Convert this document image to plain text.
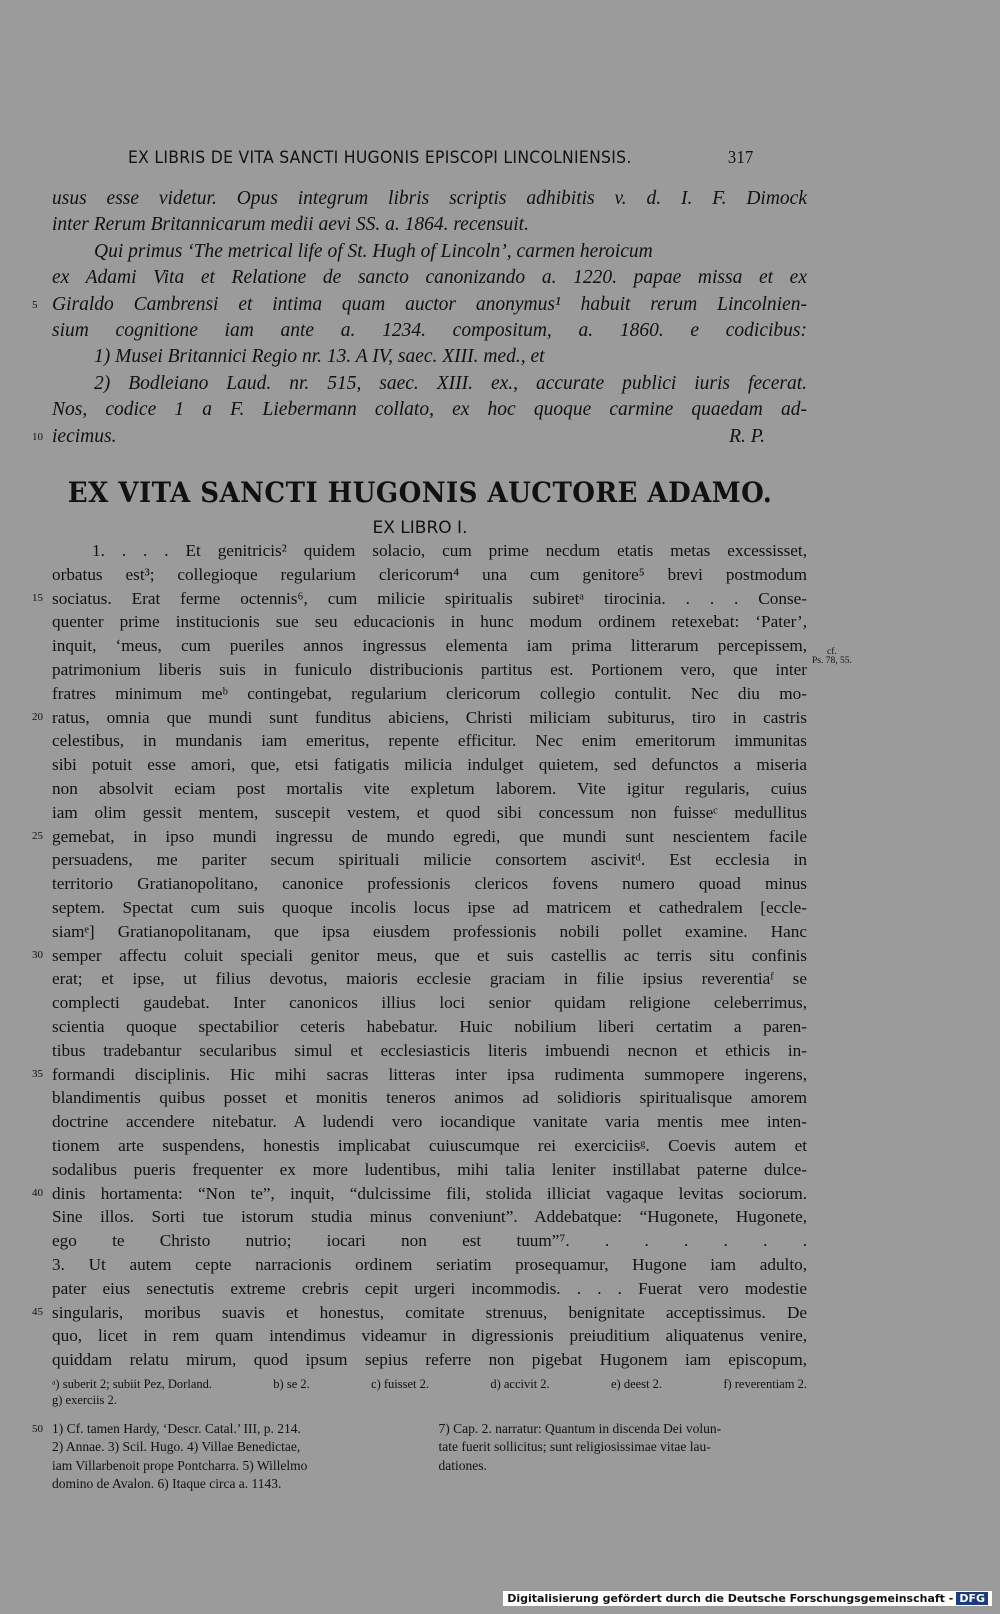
EX LIBRIS DE VITA SANCTI HUGONIS EPISCOPI LINCOLNIENSIS.	317
usus esse videtur. Opus integrum libris scriptis adhibitis v. d. I. F. Dimock
inter Rerum Britannicarum medii aevi SS. a. 1864. recensuit.
Qui primus ‘The metrical life of St. Hugh of Lincoln’, carmen heroicum
ex Adami Vita et Relatione de sancto canonizando a. 1220. papae missa et ex
5 Giraldo Cambrensi et intima quam auctor anonymus¹ habuit rerum Lincolnien-
sium cognitione iam ante a. 1234. compositum, a. 1860. e codicibus:
1) Musei Britannici Regio nr. 13. A IV, saec. XIII. med., et
2) Bodleiano Laud. nr. 515, saec. XIII. ex., accurate publici iuris fecerat.
Nos, codice 1 a F. Liebermann collato, ex hoc quoque carmine quaedam ad-
10 iecimus.	R. P.
EX VITA SANCTI HUGONIS AUCTORE ADAMO.
EX LIBRO I.
1. . . . Et genitricis² quidem solacio, cum prime necdum etatis metas excessisset,
orbatus est³; collegioque regularium clericorum⁴ una cum genitore⁵ brevi postmodum
15 sociatus. Erat ferme octennis⁶, cum milicie spiritualis subiretᵃ tirocinia. . . . Conse-
quenter prime institucionis sue seu educacionis in hunc modum ordinem retexebat: ‘Pater’,
inquit, ‘meus, cum pueriles annos ingressus elementa iam prima litterarum percepissem,
patrimonium liberis suis in funiculo distribucionis partitus est. Portionem vero, que inter
fratres minimum meᵇ contingebat, regularium clericorum collegio contulit. Nec diu mo-
20 ratus, omnia que mundi sunt funditus abiciens, Christi miliciam subiturus, tiro in castris
celestibus, in mundanis iam emeritus, repente efficitur. Nec enim emeritorum immunitas
sibi potuit esse amori, que, etsi fatigatis milicia indulget quietem, sed defunctos a miseria
non absolvit eciam post mortalis vite expletum laborem. Vite igitur regularis, cuius
iam olim gessit mentem, suscepit vestem, et quod sibi concessum non fuisseᶜ medullitus
25 gemebat, in ipso mundi ingressu de mundo egredi, que mundi sunt nescientem facile
persuadens, me pariter secum spirituali milicie consortem ascivitᵈ. Est ecclesia in
territorio Gratianopolitano, canonice professionis clericos fovens numero quoad minus
septem. Spectat cum suis quoque incolis locus ipse ad matricem et cathedralem [eccle-
siamᵉ] Gratianopolitanam, que ipsa eiusdem professionis nobili pollet examine. Hanc
30 semper affectu coluit speciali genitor meus, que et suis castellis ac terris situ confinis
erat; et ipse, ut filius devotus, maioris ecclesie graciam in filie ipsius reverentiaᶠ se
complecti gaudebat. Inter canonicos illius loci senior quidam religione celeberrimus,
scientia quoque spectabilior ceteris habebatur. Huic nobilium liberi certatim a paren-
tibus tradebantur secularibus simul et ecclesiasticis literis imbuendi necnon et ethicis in-
35 formandi disciplinis. Hic mihi sacras litteras inter ipsa rudimenta summopere ingerens,
blandimentis quibus posset et monitis teneros animos ad solidioris spiritualisque amorem
doctrine accendere nitebatur. A ludendi vero iocandique vanitate varia mentis mee inten-
tionem arte suspendens, honestis implicabat cuiuscumque rei exerciciisᵍ. Coevis autem et
sodalibus pueris frequenter ex more ludentibus, mihi talia leniter instillabat paterne dulce-
40 dinis hortamenta: “Non te”, inquit, “dulcissime fili, stolida illiciat vagaque levitas sociorum.
Sine illos. Sorti tue istorum studia minus conveniunt”. Addebatque: “Hugonete, Hugonete,
ego te Christo nutrio; iocari non est tuum”⁷. . . . . . .
3. Ut autem cepte narracionis ordinem seriatim prosequamur, Hugone iam adulto,
pater eius senectutis extreme crebris cepit urgeri incommodis. . . . Fuerat vero modestie
45 singularis, moribus suavis et honestus, comitate strenuus, benignitate acceptissimus. De
quo, licet in rem quam intendimus videamur in digressionis preiuditium aliquatenus venire,
quiddam relatu mirum, quod ipsum sepius referre non pigebat Hugonem iam episcopum,
cf.
Ps. 78, 55.
ᵃ) suberit 2; subiit Pez, Dorland.	b) se 2.	c) fuisset 2.	d) accivit 2.	e) deest 2.	f) reverentiam 2.
g) exerciis 2.
50 1) Cf. tamen Hardy, ‘Descr. Catal.’ III, p. 214.
2) Annae. 3) Scil. Hugo. 4) Villae Benedictae,
iam Villarbenoit prope Pontcharra. 5) Willelmo
domino de Avalon. 6) Itaque circa a. 1143.
7) Cap. 2. narratur: Quantum in discenda Dei volun-
tate fuerit sollicitus; sunt religiosissimae vitae lau-
dationes.
Digitalisierung gefördert durch die Deutsche Forschungsgemeinschaft - DFG
